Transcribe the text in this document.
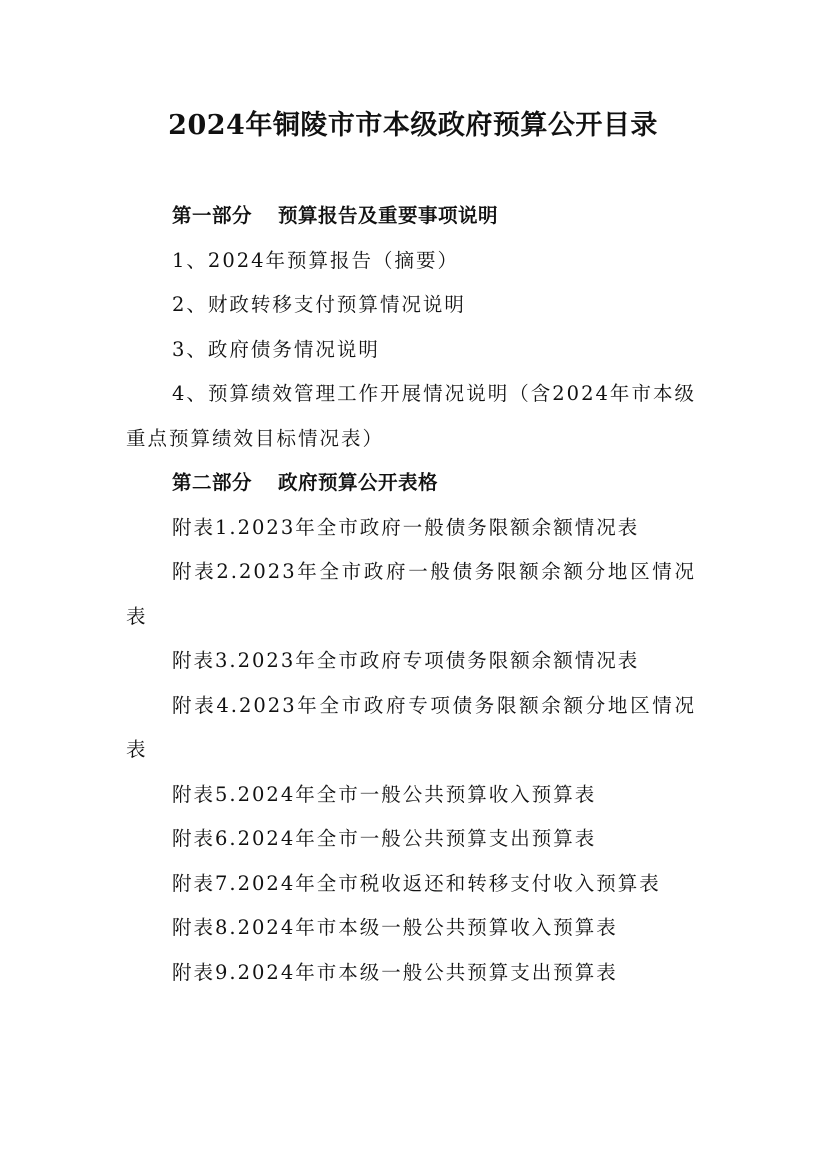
2024年铜陵市市本级政府预算公开目录

第一部分 预算报告及重要事项说明

1、2024年预算报告（摘要）

2、财政转移支付预算情况说明

3、政府债务情况说明

4、预算绩效管理工作开展情况说明（含2024年市本级重点预算绩效目标情况表）

第二部分 政府预算公开表格

附表1.2023年全市政府一般债务限额余额情况表

附表2.2023年全市政府一般债务限额余额分地区情况表

附表3.2023年全市政府专项债务限额余额情况表

附表4.2023年全市政府专项债务限额余额分地区情况表

附表5.2024年全市一般公共预算收入预算表

附表6.2024年全市一般公共预算支出预算表

附表7.2024年全市税收返还和转移支付收入预算表

附表8.2024年市本级一般公共预算收入预算表

附表9.2024年市本级一般公共预算支出预算表
